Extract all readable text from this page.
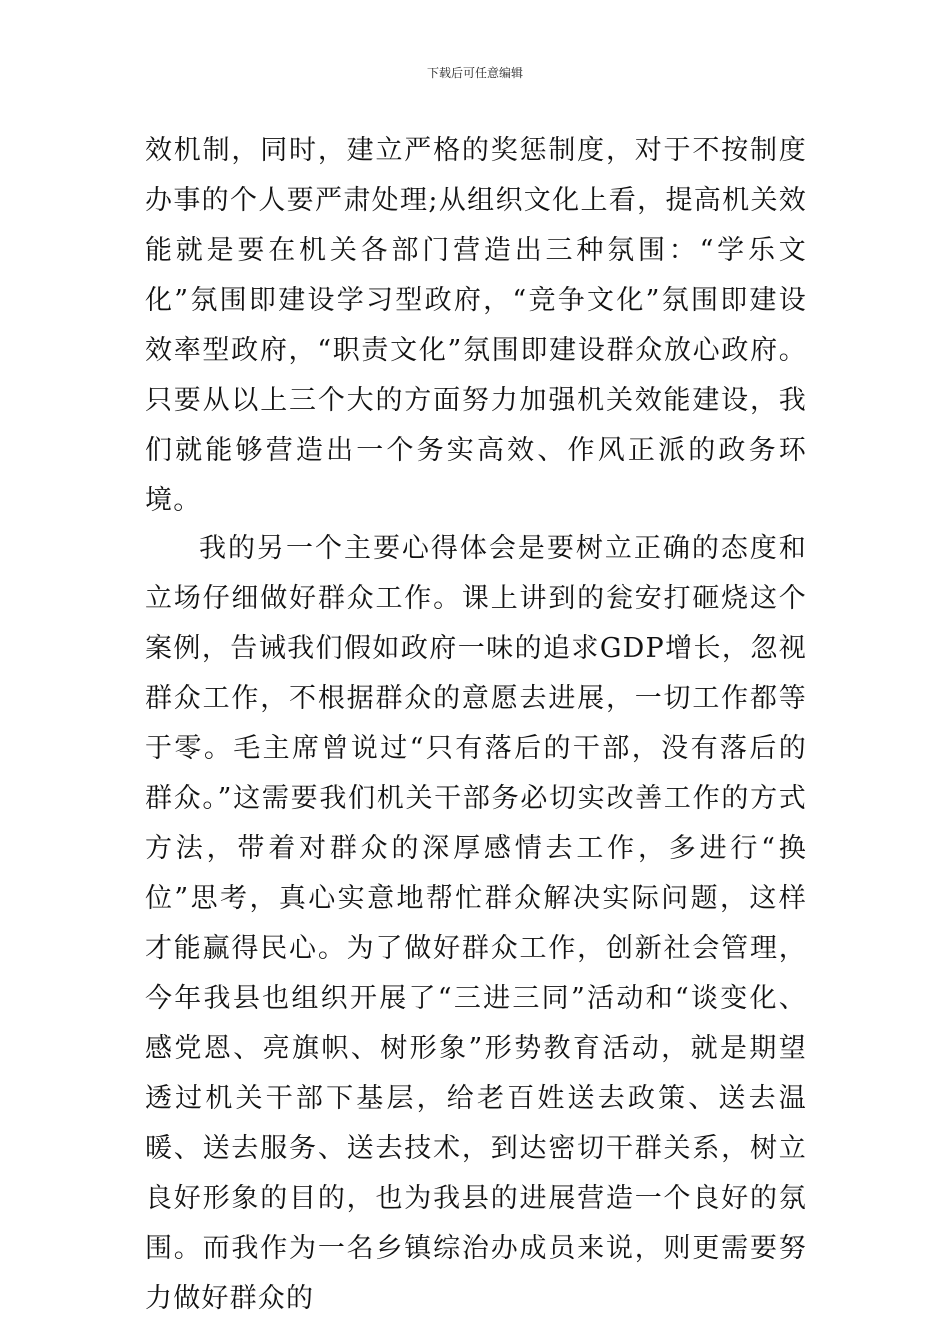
下载后可任意编辑

效机制，同时，建立严格的奖惩制度，对于不按制度办事的个人要严肃处理;从组织文化上看，提高机关效能就是要在机关各部门营造出三种氛围：“学乐文化”氛围即建设学习型政府，“竞争文化”氛围即建设效率型政府，“职责文化”氛围即建设群众放心政府。只要从以上三个大的方面努力加强机关效能建设，我们就能够营造出一个务实高效、作风正派的政务环境。

我的另一个主要心得体会是要树立正确的态度和立场仔细做好群众工作。课上讲到的瓮安打砸烧这个案例，告诫我们假如政府一味的追求GDP增长，忽视群众工作，不根据群众的意愿去进展，一切工作都等于零。毛主席曾说过“只有落后的干部，没有落后的群众。”这需要我们机关干部务必切实改善工作的方式方法，带着对群众的深厚感情去工作，多进行“换位”思考，真心实意地帮忙群众解决实际问题，这样才能赢得民心。为了做好群众工作，创新社会管理，今年我县也组织开展了“三进三同”活动和“谈变化、感党恩、亮旗帜、树形象”形势教育活动，就是期望透过机关干部下基层，给老百姓送去政策、送去温暖、送去服务、送去技术，到达密切干群关系，树立良好形象的目的，也为我县的进展营造一个良好的氛围。而我作为一名乡镇综治办成员来说，则更需要努力做好群众的
